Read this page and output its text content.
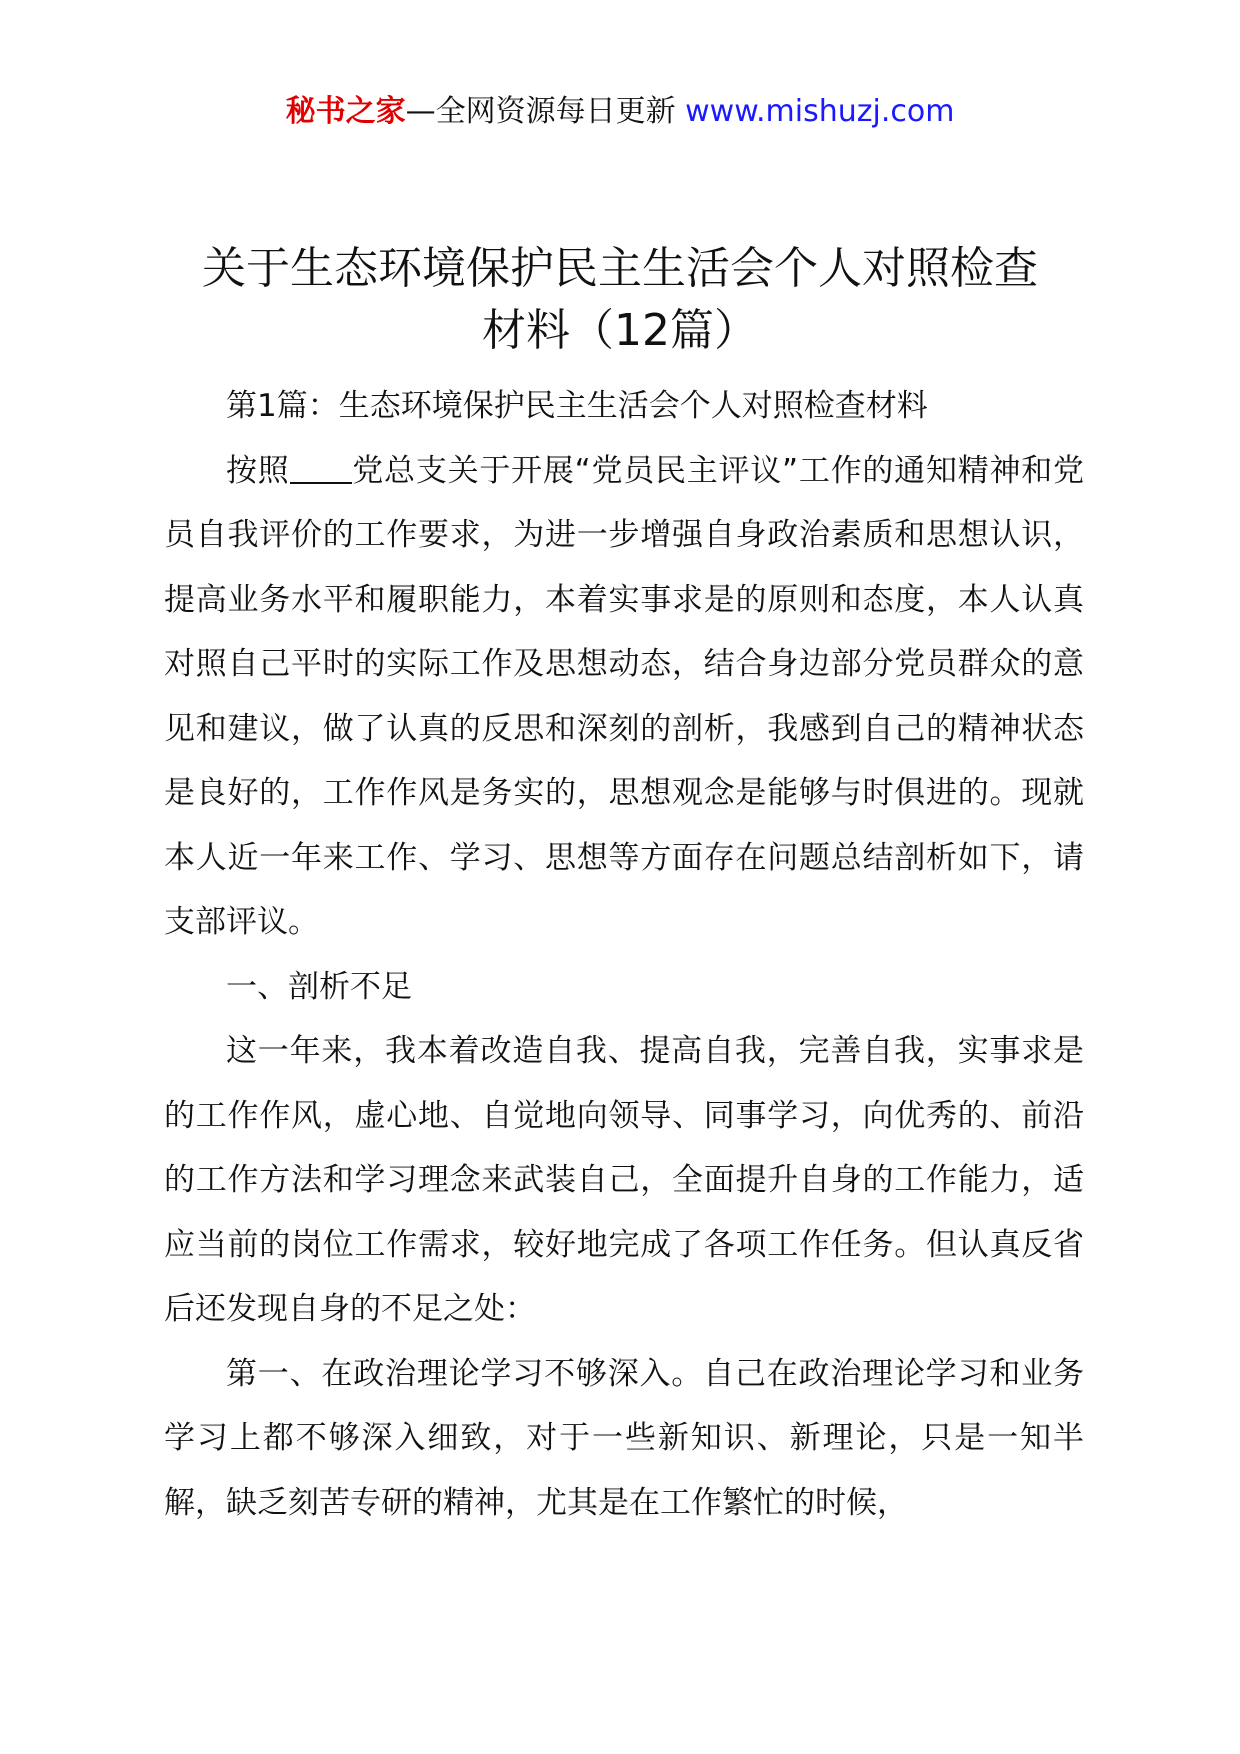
秘书之家—全网资源每日更新 www.mishuzj.com
关于生态环境保护民主生活会个人对照检查
材料（12篇）

第1篇：生态环境保护民主生活会个人对照检查材料

按照 党总支关于开展“党员民主评议”工作的通知精神和党员自我评价的工作要求，为进一步增强自身政治素质和思想认识，提高业务水平和履职能力，本着实事求是的原则和态度，本人认真对照自己平时的实际工作及思想动态，结合身边部分党员群众的意见和建议，做了认真的反思和深刻的剖析，我感到自己的精神状态是良好的，工作作风是务实的，思想观念是能够与时俱进的。现就本人近一年来工作、学习、思想等方面存在问题总结剖析如下，请支部评议。

一、剖析不足

这一年来，我本着改造自我、提高自我，完善自我，实事求是的工作作风，虚心地、自觉地向领导、同事学习，向优秀的、前沿的工作方法和学习理念来武装自己，全面提升自身的工作能力，适应当前的岗位工作需求，较好地完成了各项工作任务。但认真反省后还发现自身的不足之处：

第一、在政治理论学习不够深入。自己在政治理论学习和业务学习上都不够深入细致，对于一些新知识、新理论，只是一知半解，缺乏刻苦专研的精神，尤其是在工作繁忙的时候，
